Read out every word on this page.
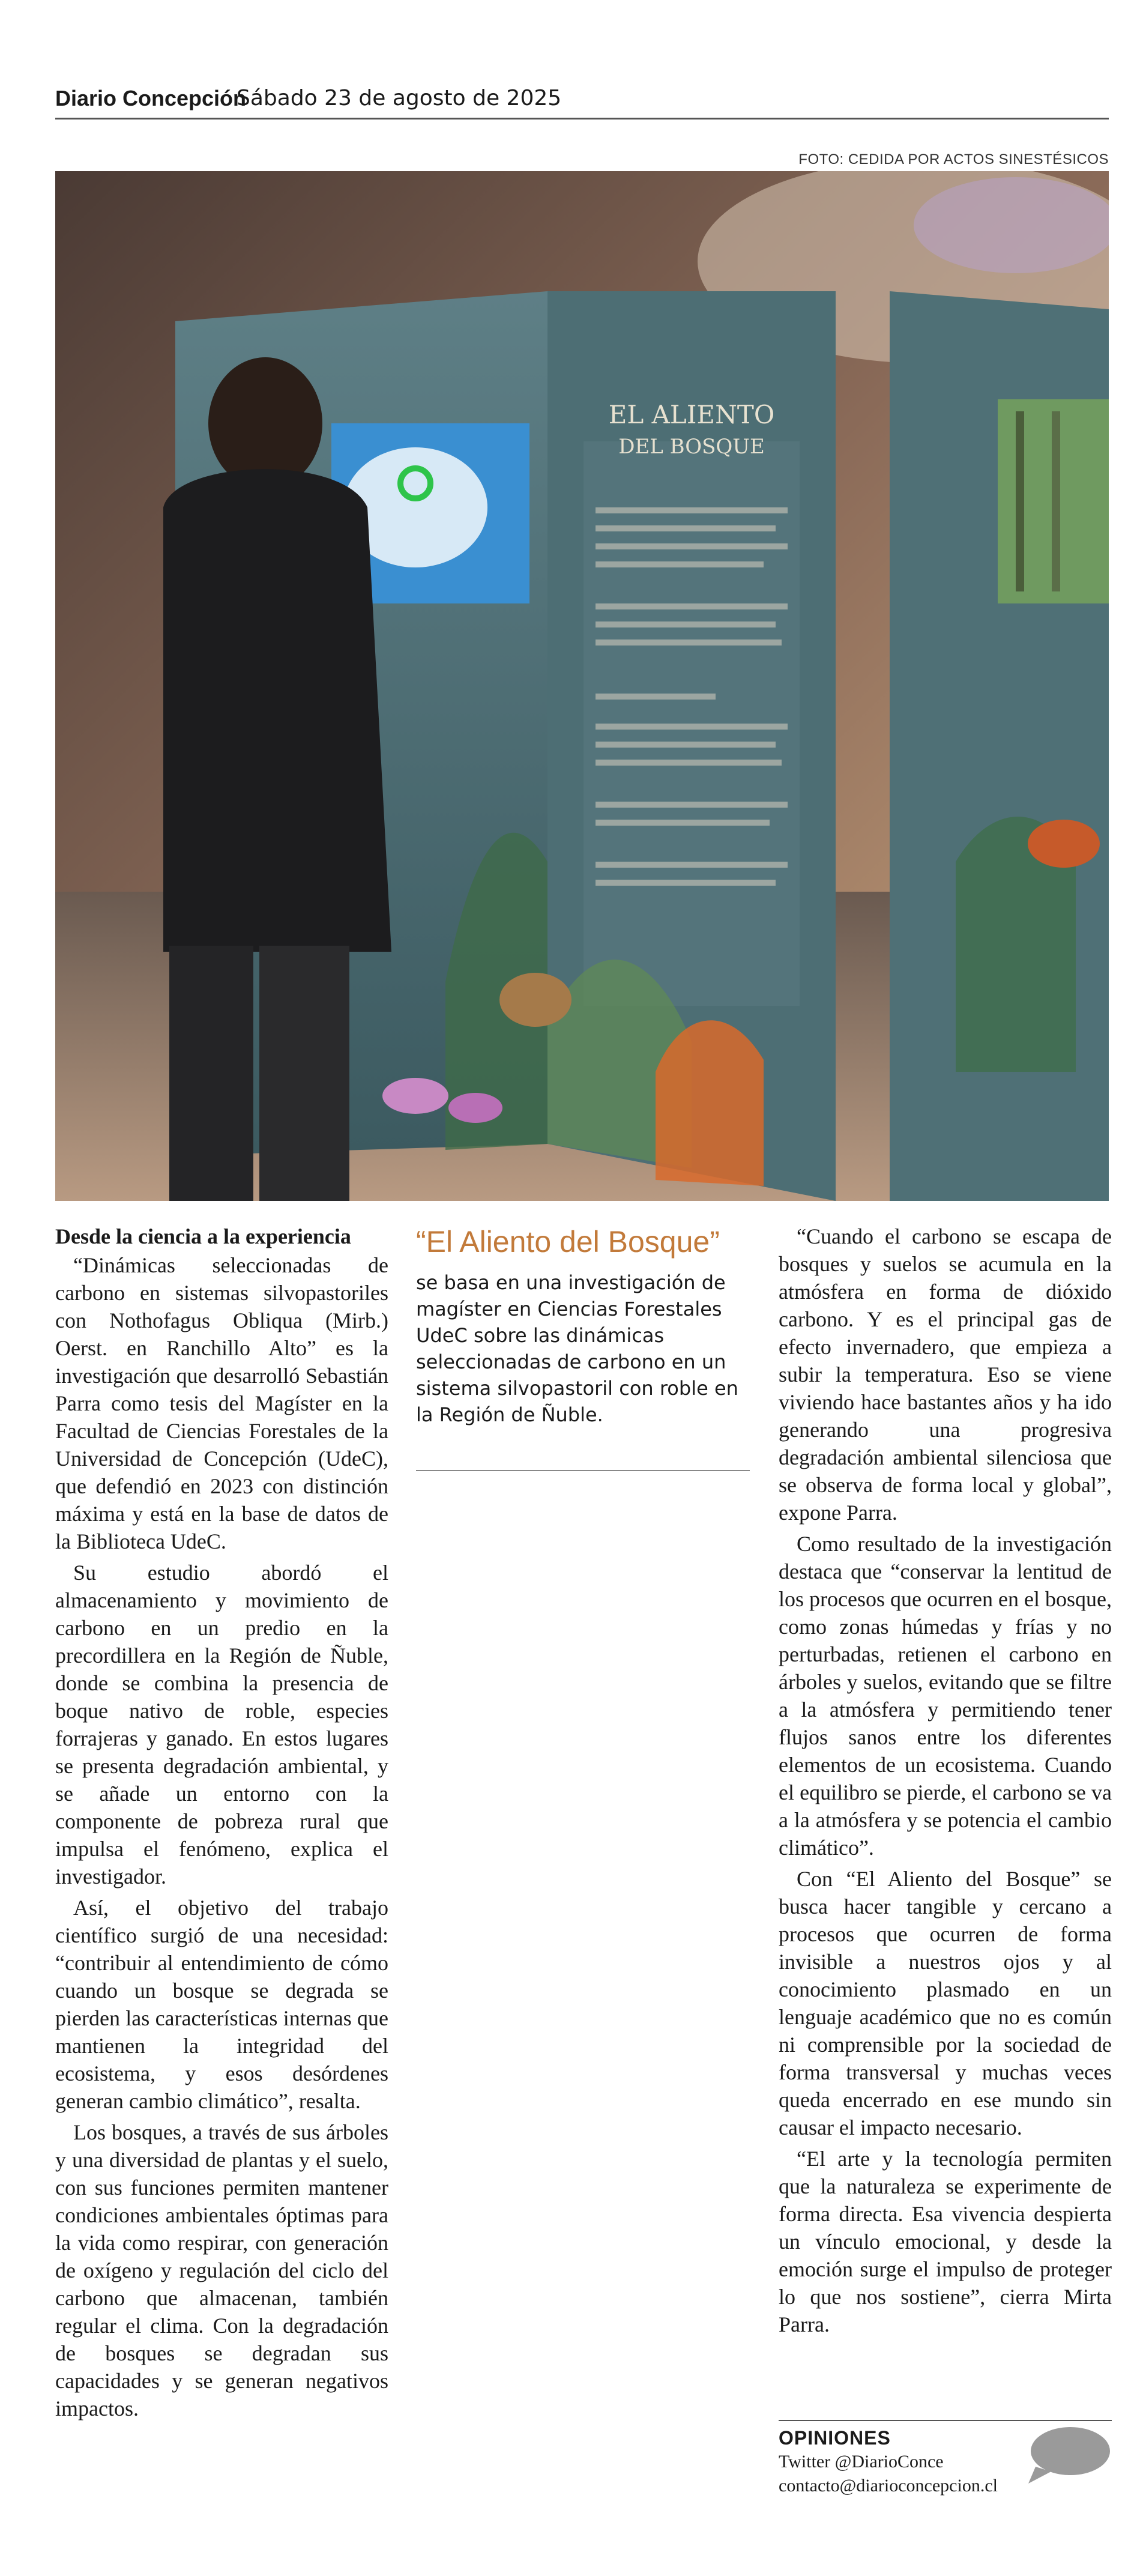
Diario Concepción
Sábado 23 de agosto de 2025
FOTO: CEDIDA POR ACTOS SINESTÉSICOS
EL ALIENTO
DEL BOSQUE
Desde la ciencia a la experiencia

“Dinámicas seleccionadas de carbono en sistemas silvopastoriles con Nothofagus Obliqua (Mirb.) Oerst. en Ranchillo Alto” es la investigación que desarrolló Sebastián Parra como tesis del Magíster en la Facultad de Ciencias Forestales de la Universidad de Concepción (UdeC), que defendió en 2023 con distinción máxima y está en la base de datos de la Biblioteca UdeC.

Su estudio abordó el almacenamiento y movimiento de carbono en un predio en la precordillera en la Región de Ñuble, donde se combina la presencia de boque nativo de roble, especies forrajeras y ganado. En estos lugares se presenta degradación ambiental, y se añade un entorno con la componente de pobreza rural que impulsa el fenómeno, explica el investigador.

Así, el objetivo del trabajo científico surgió de una necesidad: “contribuir al entendimiento de cómo cuando un bosque se degrada se pierden las características internas que mantienen la integridad del ecosistema, y esos desórdenes generan cambio climático”, resalta.

Los bosques, a través de sus árboles y una diversidad de plantas y el suelo, con sus funciones permiten mantener condiciones ambientales óptimas para la vida como respirar, con generación de oxígeno y regulación del ciclo del carbono que almacenan, también regular el clima. Con la degradación de bosques se degradan sus capacidades y se generan negativos impactos.

“El Aliento del Bosque”
se basa en una investigación de magíster en Ciencias Forestales UdeC sobre las dinámicas seleccionadas de carbono en un sistema silvopastoril con roble en la Región de Ñuble.

“Cuando el carbono se escapa de bosques y suelos se acumula en la atmósfera en forma de dióxido carbono. Y es el principal gas de efecto invernadero, que empieza a subir la temperatura. Eso se viene viviendo hace bastantes años y ha ido generando una progresiva degradación ambiental silenciosa que se observa de forma local y global”, expone Parra.

Como resultado de la investigación destaca que “conservar la lentitud de los procesos que ocurren en el bosque, como zonas húmedas y frías y no perturbadas, retienen el carbono en árboles y suelos, evitando que se filtre a la atmósfera y permitiendo tener flujos sanos entre los diferentes elementos de un ecosistema. Cuando el equilibro se pierde, el carbono se va a la atmósfera y se potencia el cambio climático”.

Con “El Aliento del Bosque” se busca hacer tangible y cercano a procesos que ocurren de forma invisible a nuestros ojos y al conocimiento plasmado en un lenguaje académico que no es común ni comprensible por la sociedad de forma transversal y muchas veces queda encerrado en ese mundo sin causar el impacto necesario.

“El arte y la tecnología permiten que la naturaleza se experimente de forma directa. Esa vivencia despierta un vínculo emocional, y desde la emoción surge el impulso de proteger lo que nos sostiene”, cierra Mirta Parra.

OPINIONES
Twitter @DiarioConce
contacto@diarioconcepcion.cl
